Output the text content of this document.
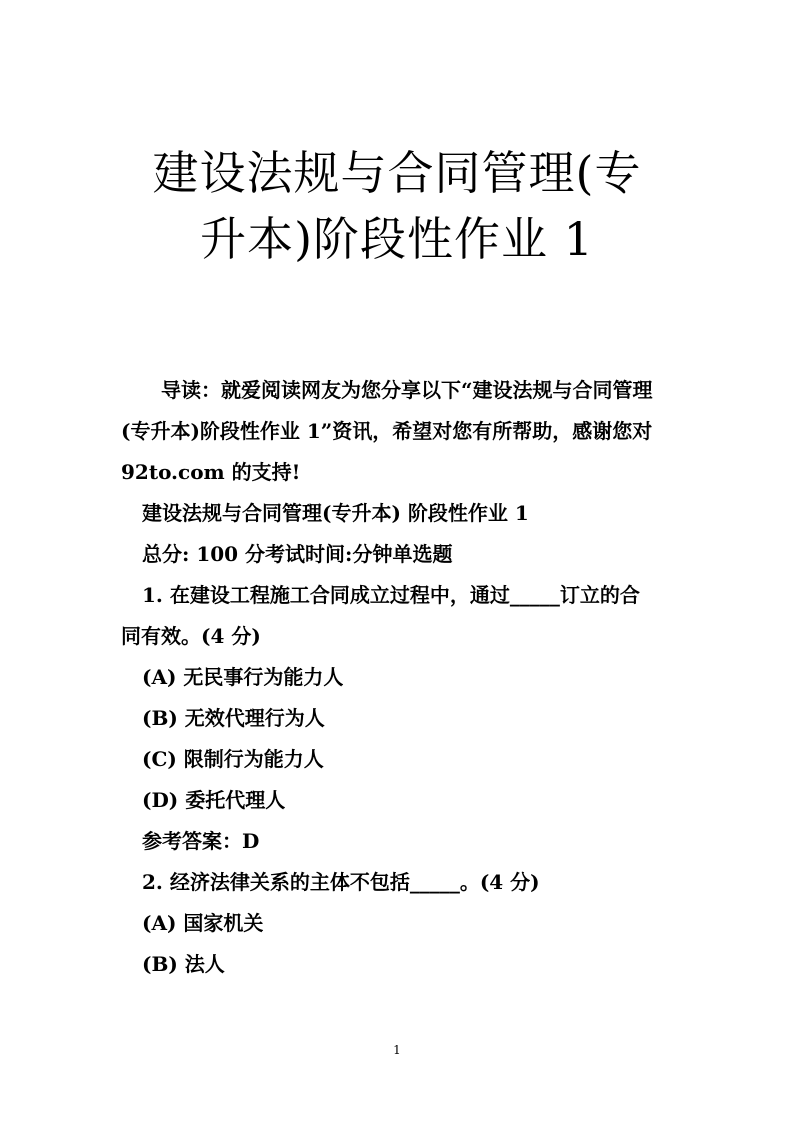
建设法规与合同管理(专
升本)阶段性作业 1
导读：就爱阅读网友为您分享以下“建设法规与合同管理
(专升本)阶段性作业 1”资讯，希望对您有所帮助，感谢您对
92to.com 的支持!
建设法规与合同管理(专升本) 阶段性作业 1
总分: 100 分考试时间:分钟单选题
1. 在建设工程施工合同成立过程中，通过_____订立的合
同有效。(4 分)
(A) 无民事行为能力人
(B) 无效代理行为人
(C) 限制行为能力人
(D) 委托代理人
参考答案：D
2. 经济法律关系的主体不包括_____。(4 分)
(A) 国家机关
(B) 法人
1
